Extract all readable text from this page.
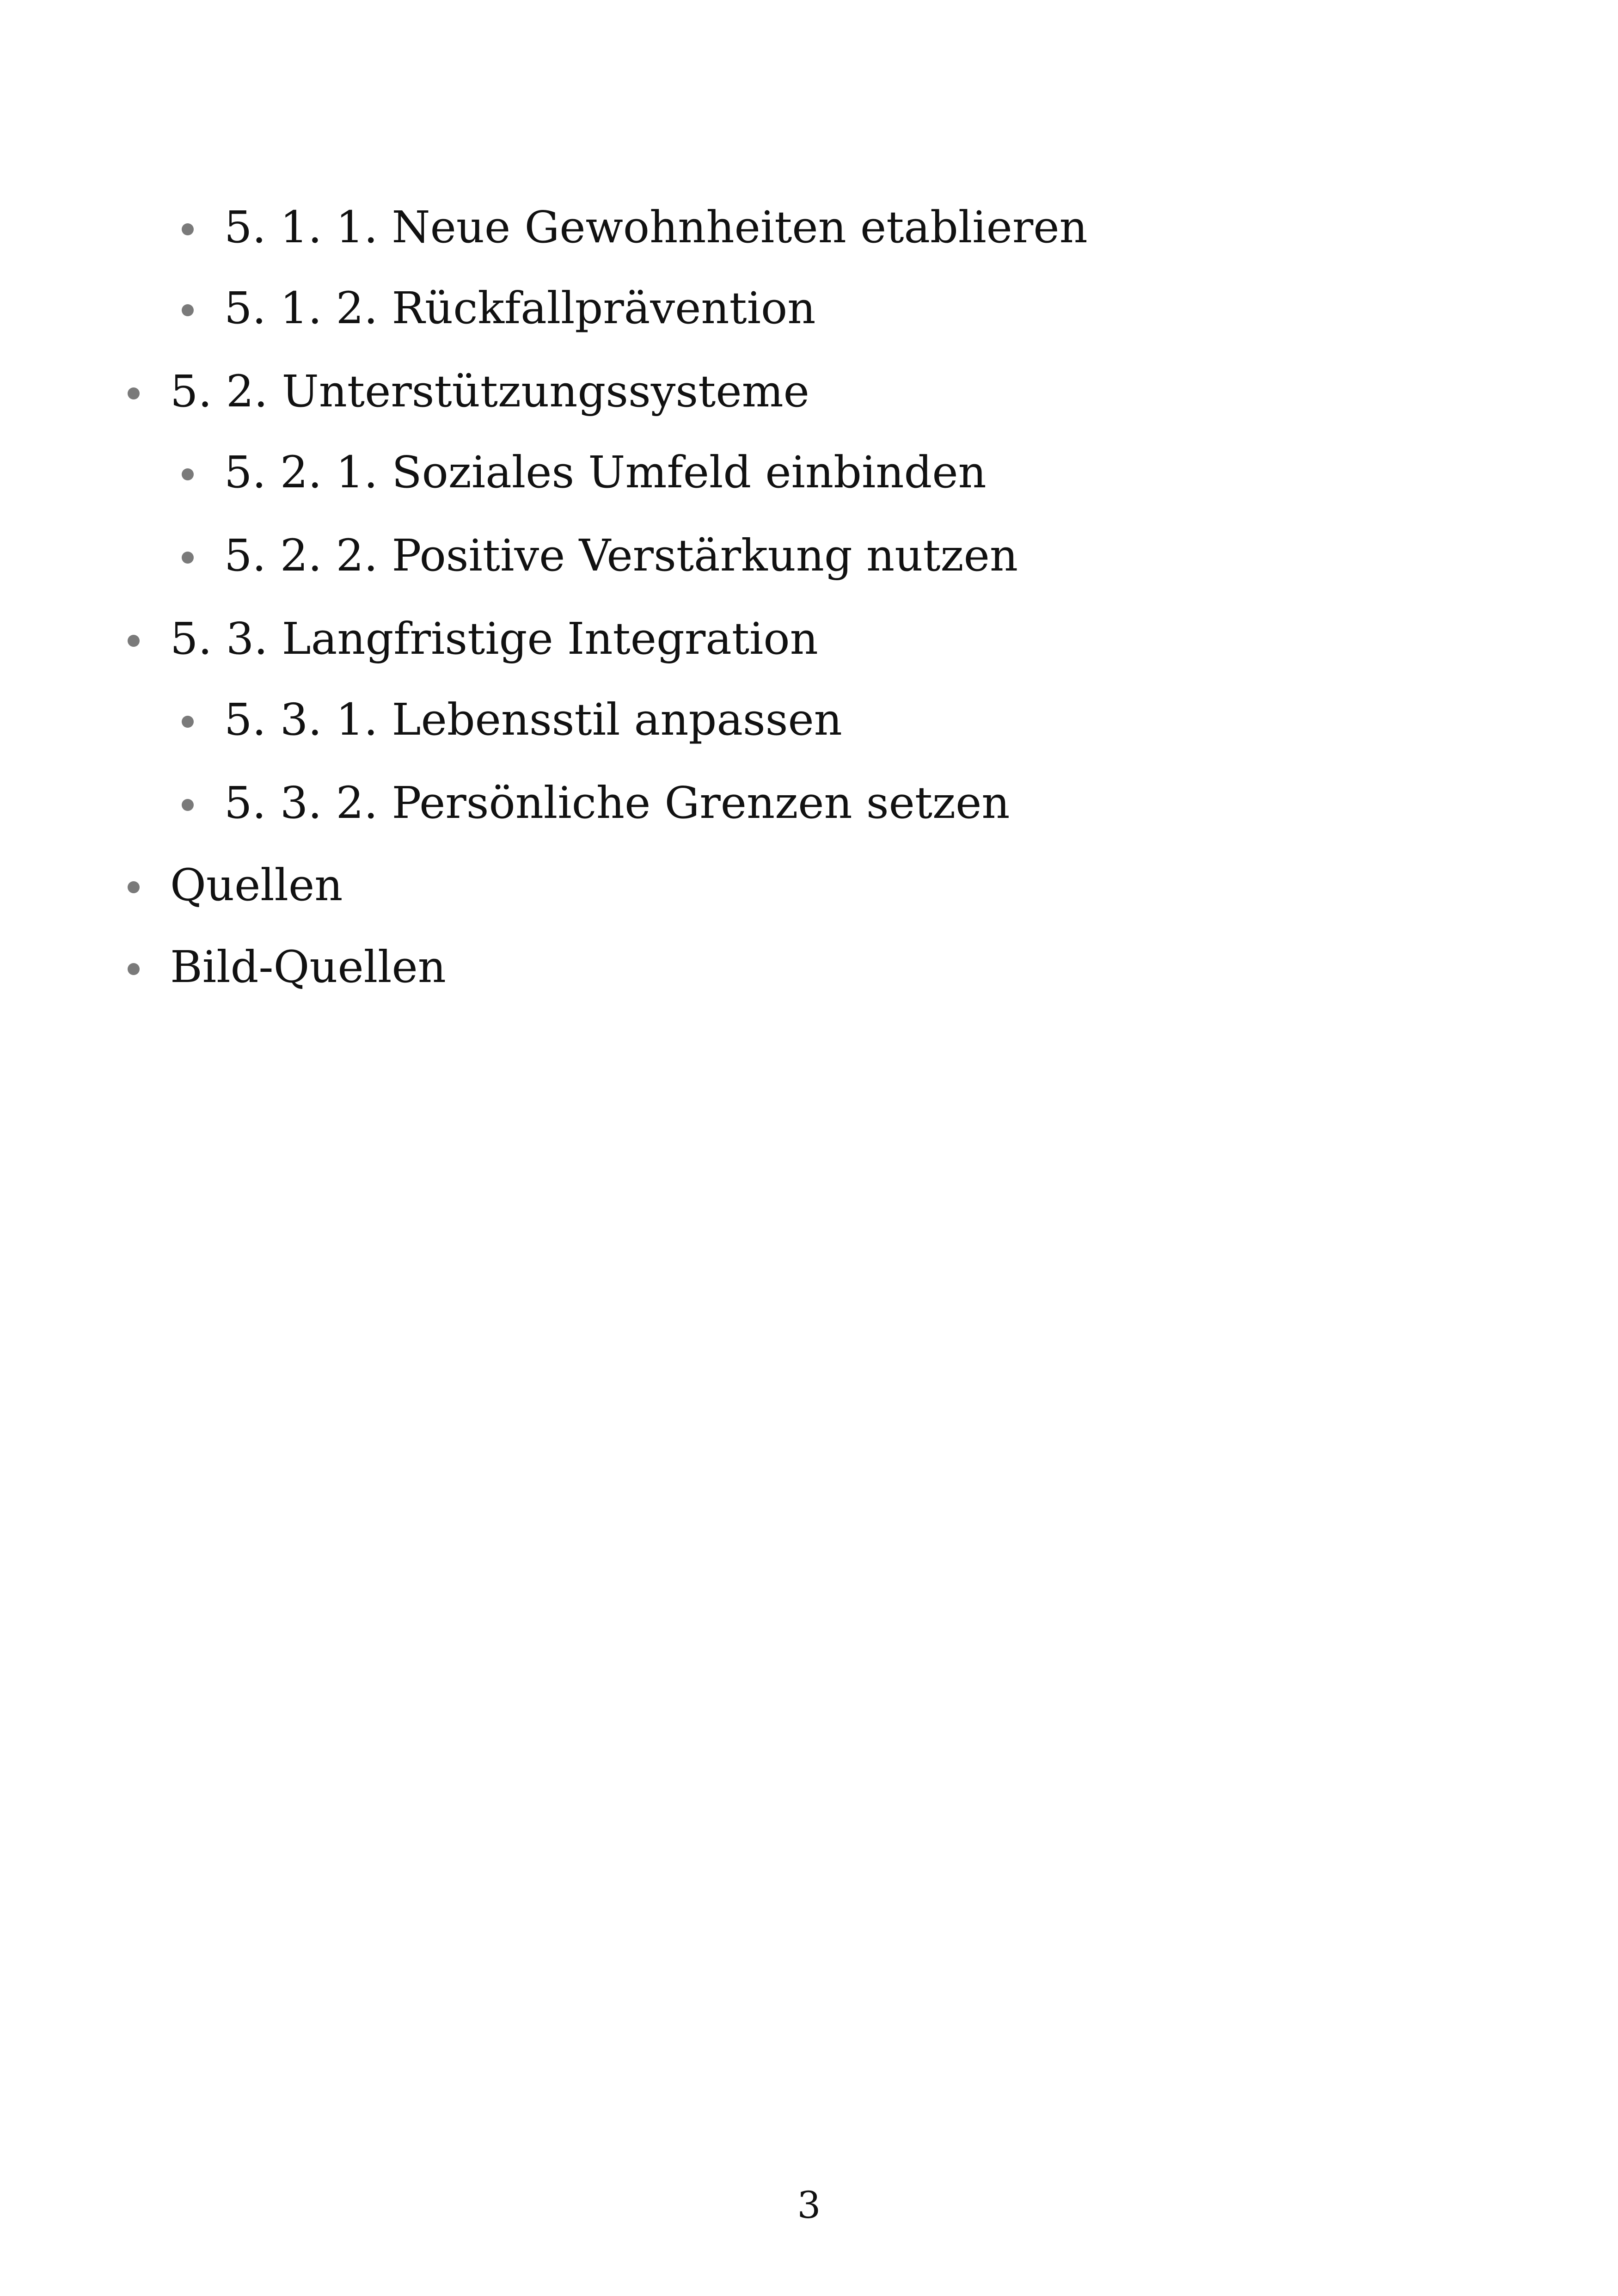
5. 1. 1. Neue Gewohnheiten etablieren
5. 1. 2. Rückfallprävention
5. 2. Unterstützungssysteme
5. 2. 1. Soziales Umfeld einbinden
5. 2. 2. Positive Verstärkung nutzen
5. 3. Langfristige Integration
5. 3. 1. Lebensstil anpassen
5. 3. 2. Persönliche Grenzen setzen
Quellen
Bild-Quellen
3
